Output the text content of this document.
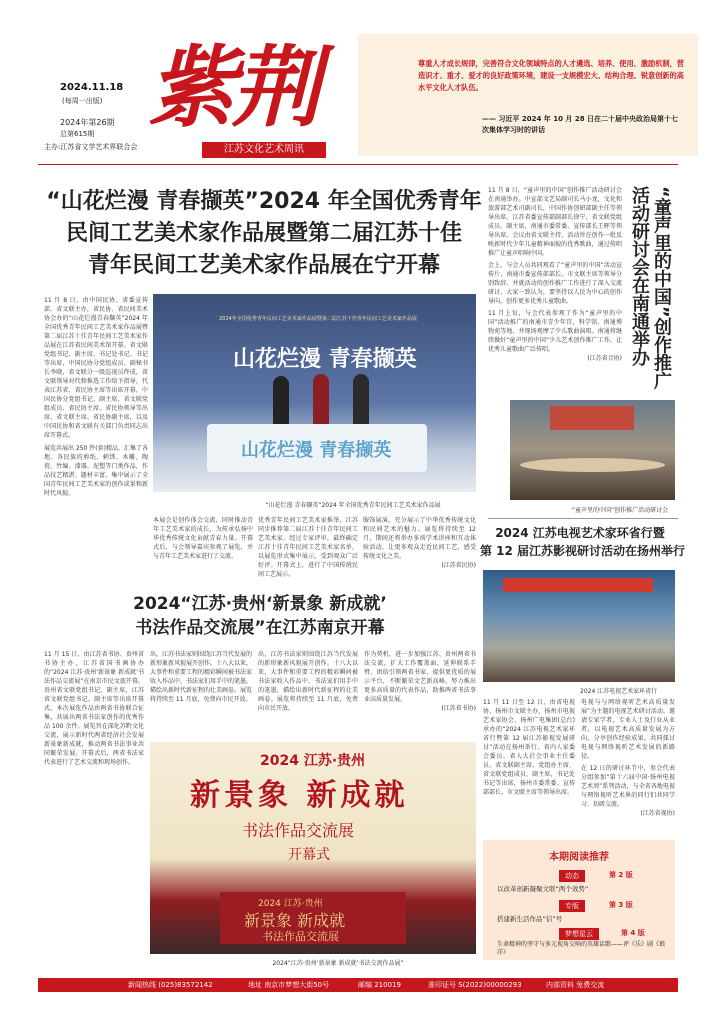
2024.11.18
(每周一出版)
2024年第26期
总第615期
主办:江苏省文学艺术界联合会
紫荆
江苏文化艺术周讯
尊重人才成长规律，完善符合文化领域特点的人才遴选、培养、使用、激励机制，营造识才、重才、爱才的良好政策环境，建设一支规模宏大、结构合理、锐意创新的高水平文化人才队伍。
—— 习近平 2024 年 10 月 28 日在二十届中央政治局第十七次集体学习时的讲话
“山花烂漫 青春撷英”2024 年全国优秀青年
民间工艺美术家作品展暨第二届江苏十佳
青年民间工艺美术家作品展在宁开幕

11 月 8 日，由中国民协、省委宣传部、省文联主办，省民协、省民间美术协会办的“山花烂漫青春撷英”2024 年全国优秀青年民间工艺美术家作品展暨第二届江苏十佳青年民间工艺美术家作品展在江苏省民间美术馆开幕。省文联党组书记、副主席，书记处书记、书记等出席，中国民协分党组成员、副秘书长李晓，省文联分一级巡视员佟成，省文联领导对代和推选工作给予指导，代表江苏省、省民协主席等出席开幕，中国民协分党组书记、副主席、省文联党组成员、省民协主席、省民协领导等出席，省文联主席、省民协副主席，以及中国民协和省文联有关部门负责同志出席开幕式。

展览共展出 250 件(套)精品，汇集了各地、各民族的剪纸、刺绣、木雕、陶瓷、竹编、漆器、泥塑等门类作品，作品技艺精湛、题材丰富，集中展示了全国青年民间工艺美术家的创作成果和新时代风貌。

2024年全国优秀青年民间工艺美术家作品展暨第二届江苏十佳青年民间工艺美术家作品展
山花烂漫 青春撷英
山花烂漫 青春撷英
“山花烂漫 青春撷英”2024 年全国优秀青年民间工艺美术家作品展

本展会是创作体会交流，同时推动青年工艺美术家的成长，为传承弘扬中华优秀传统文化贡献青春力量。开幕式后，与会领导嘉宾参观了展览，并与青年工艺美术家进行了交流。

优秀青年民间工艺美术家推举，江苏同步推荐第二届江苏十佳青年民间工艺美术家。经过专家评审，最终确定江苏十佳青年民间工艺美术家名单，以展览形式集中展示，受到观众广泛好评。开幕式上，进行了中国传统民间工艺展示。

服饰展演，充分展示了中华优秀传统文化和民间艺术的魅力。展览将持续至 12 月，期间还将举办多场学术讲座和互动体验活动，让更多观众走近民间工艺，感受传统文化之美。

(江苏省民协)

11 月 8 日，“童声里的中国”创作推广活动研讨会在南通举办。中宣部文艺局副司长马小龙，文化和旅游部艺术司副司长，中国作协创研部副主任等领导出席。江苏省委宣传部副部长徐宁，省文联党组成员、副主席，南通市委常委、宣传部长王晖等领导出席。会议由省文联主持，活动旨在创作一批反映新时代少年儿童精神面貌的优秀歌曲，通过传唱推广让童声唱响中国。

会上，与会人员共同观看了“童声里的中国”活动宣传片，南通市委宣传部部长、市文联主席等领导分别致辞，并就活动的创作推广工作进行了深入交流研讨，大家一致认为，要坚持以人民为中心的创作导向，创作更多优秀儿童歌曲。

11 月上旬，与会代表参观了作为“童声里的中国”活动推广的南通市青少年宫、科学馆、南通博物苑等地，并现场观摩了少儿歌曲演唱。南通将继续做好“童声里的中国”少儿艺术创作推广工作，让优秀儿童歌曲广泛传唱。

(江苏省音协)	“童声里的中国”创作推广活动研讨会在南通举办
“童声里的中国”创作推广活动研讨会
2024 江苏电视艺术家环省行暨
第 12 届江苏影视研讨活动在扬州举行
2024 江苏电视艺术家环省行

11 月 11 日至 12 日，由省电视协、扬州市文联主办，扬州市电视艺术家协会、扬州广电集团(总台)承办的“2024 江苏电视艺术家环省行暨第 12 届江苏影视发展研讨”活动在扬州举行。省内人家委会委员、省人大社会事业主任委员、省文联副主席、党组办主席、省文联党组成员、副主席，书记处书记等出席，扬州市委常委、宣传部部长、市文联主席等领导出席。

电视与与网络视听艺术高质量发展”为主题的电视艺术研讨活动。邀请专家学者，专业人士及行业从业者，以电视艺术高质量发展为方向，分享创作经验成果，共同探讨电视与网络视听艺术发展的新路径。

在 12 日的研讨环节中，参会代表分组参加“第十六届中国·扬州电视艺术周”系列活动，与全省各地电视与网络视听艺术界的同行们共同学习、切磋交流。

(江苏省视协)

本期阅读推荐
动态	第 2 版
以改革创新凝聚文联“两个效势”
专版	第 3 版
搭建新生活作品“信”号
梦想星云	第 4 版
生命精神的坚守与多元视角交响的英雄话歌——评《乐》剧《琅洋》
2024“江苏·贵州‘新景象 新成就’
书法作品交流展”在江苏南京开幕

11 月 15 日，由江苏省书协、贵州省书协主办，江苏省国书画协办的“2024 江苏·贵州‘新景象 新成就’书法作品交流展”在南京市民文旅开幕。贵州省文联党组书记、副主席，江苏省文联党组书记、副主席等出席开幕式。本次展览作品由两省书协联合征集，共展出两省书法家创作的优秀作品 100 余件。展览旨在深化苏黔文化交流，展示新时代两省经济社会发展新景象新成就，推动两省书法事业共同繁荣发展。开幕式后，两省书法家代表进行了艺术交流和现场创作。

出，江苏书法家则围绕江苏当代发展的新形象新风貌展开创作。十八大以来，大事件和重要工程的精彩瞬间被书法家收入作品中，书法家们用手中的笔墨，描绘出新时代新征程的壮美画卷。展览将持续至 11 月底，免费向市民开放。

出，江苏书法家则围绕江苏当代发展的新形象新风貌展开创作。十八大以来，大事件和重要工程的精彩瞬间被书法家收入作品中，书法家们用手中的笔墨，描绘出新时代新征程的壮美画卷。展览将持续至 11 月底，免费向市民开放。

作为契机，进一步加强江苏、贵州两省书法交流，扩大工作覆盖面，延伸联系手臂，团结引领两省书家，提供更优质的展示平台，不断繁荣文艺新高峰。努力推出更多高质量的代表作品，助推两省书法事业高质量发展。

(江苏省书协)

2024 江苏·贵州
新景象 新成就
书法作品交流展
开幕式
2024 江苏·贵州
新景象 新成就
书法作品交流展
2024“江苏·贵州‘新景象 新成就’书法交流作品展”
新闻热线 (025)83572142	地址 南京市梦想大街50号	邮编 210019	准印证号 S(2022)00000293	内部资料 免费交流
